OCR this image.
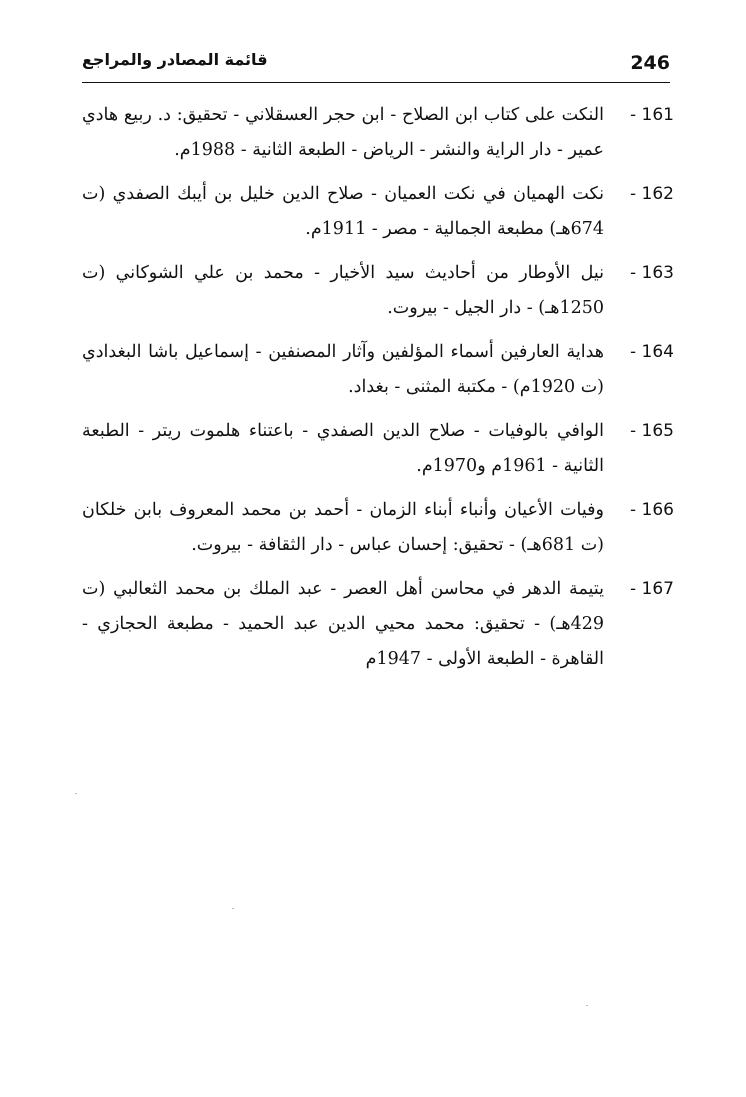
246
قائمة المصادر والمراجع
161 -
النكت على كتاب ابن الصلاح - ابن حجر العسقلاني - تحقيق: د. ربيع هادي عمير - دار الراية والنشر - الرياض - الطبعة الثانية - 1988م.
162 -
نكت الهميان في نكت العميان - صلاح الدين خليل بن أيبك الصفدي (ت 674هـ) مطبعة الجمالية - مصر - 1911م.
163 -
نيل الأوطار من أحاديث سيد الأخيار - محمد بن علي الشوكاني (ت 1250هـ) - دار الجيل - بيروت.
164 -
هداية العارفين أسماء المؤلفين وآثار المصنفين - إسماعيل باشا البغدادي (ت 1920م) - مكتبة المثنى - بغداد.
165 -
الوافي بالوفيات - صلاح الدين الصفدي - باعتناء هلموت ريتر - الطبعة الثانية - 1961م و1970م.
166 -
وفيات الأعيان وأنباء أبناء الزمان - أحمد بن محمد المعروف بابن خلكان (ت 681هـ) - تحقيق: إحسان عباس - دار الثقافة - بيروت.
167 -
يتيمة الدهر في محاسن أهل العصر - عبد الملك بن محمد الثعالبي (ت 429هـ) - تحقيق: محمد محيي الدين عبد الحميد - مطبعة الحجازي - القاهرة - الطبعة الأولى - 1947م
